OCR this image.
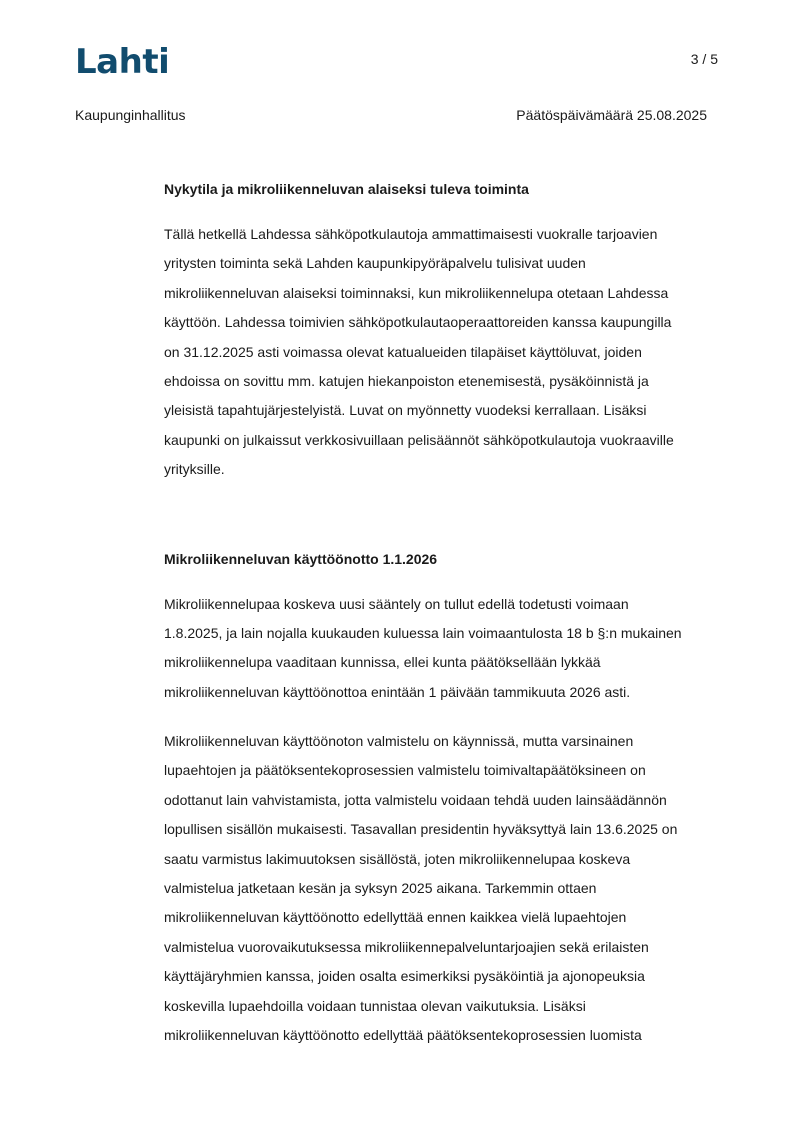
Lahti	3 / 5
Kaupunginhallitus	Päätöspäivämäärä 25.08.2025
Nykytila ja mikroliikenneluvan alaiseksi tuleva toiminta
Tällä hetkellä Lahdessa sähköpotkulautoja ammattimaisesti vuokralle tarjoavien
yritysten toiminta sekä Lahden kaupunkipyöräpalvelu tulisivat uuden
mikroliikenneluvan alaiseksi toiminnaksi, kun mikroliikennelupa otetaan Lahdessa
käyttöön. Lahdessa toimivien sähköpotkulautaoperaattoreiden kanssa kaupungilla
on 31.12.2025 asti voimassa olevat katualueiden tilapäiset käyttöluvat, joiden
ehdoissa on sovittu mm. katujen hiekanpoiston etenemisestä, pysäköinnistä ja
yleisistä tapahtujärjestelyistä. Luvat on myönnetty vuodeksi kerrallaan. Lisäksi
kaupunki on julkaissut verkkosivuillaan pelisäännöt sähköpotkulautoja vuokraaville
yrityksille.
Mikroliikenneluvan käyttöönotto 1.1.2026
Mikroliikennelupaa koskeva uusi sääntely on tullut edellä todetusti voimaan
1.8.2025, ja lain nojalla kuukauden kuluessa lain voimaantulosta 18 b §:n mukainen
mikroliikennelupa vaaditaan kunnissa, ellei kunta päätöksellään lykkää
mikroliikenneluvan käyttöönottoa enintään 1 päivään tammikuuta 2026 asti.
Mikroliikenneluvan käyttöönoton valmistelu on käynnissä, mutta varsinainen
lupaehtojen ja päätöksentekoprosessien valmistelu toimivaltapäätöksineen on
odottanut lain vahvistamista, jotta valmistelu voidaan tehdä uuden lainsäädännön
lopullisen sisällön mukaisesti. Tasavallan presidentin hyväksyttyä lain 13.6.2025 on
saatu varmistus lakimuutoksen sisällöstä, joten mikroliikennelupaa koskeva
valmistelua jatketaan kesän ja syksyn 2025 aikana. Tarkemmin ottaen
mikroliikenneluvan käyttöönotto edellyttää ennen kaikkea vielä lupaehtojen
valmistelua vuorovaikutuksessa mikroliikennepalveluntarjoajien sekä erilaisten
käyttäjäryhmien kanssa, joiden osalta esimerkiksi pysäköintiä ja ajonopeuksia
koskevilla lupaehdoilla voidaan tunnistaa olevan vaikutuksia. Lisäksi
mikroliikenneluvan käyttöönotto edellyttää päätöksentekoprosessien luomista
